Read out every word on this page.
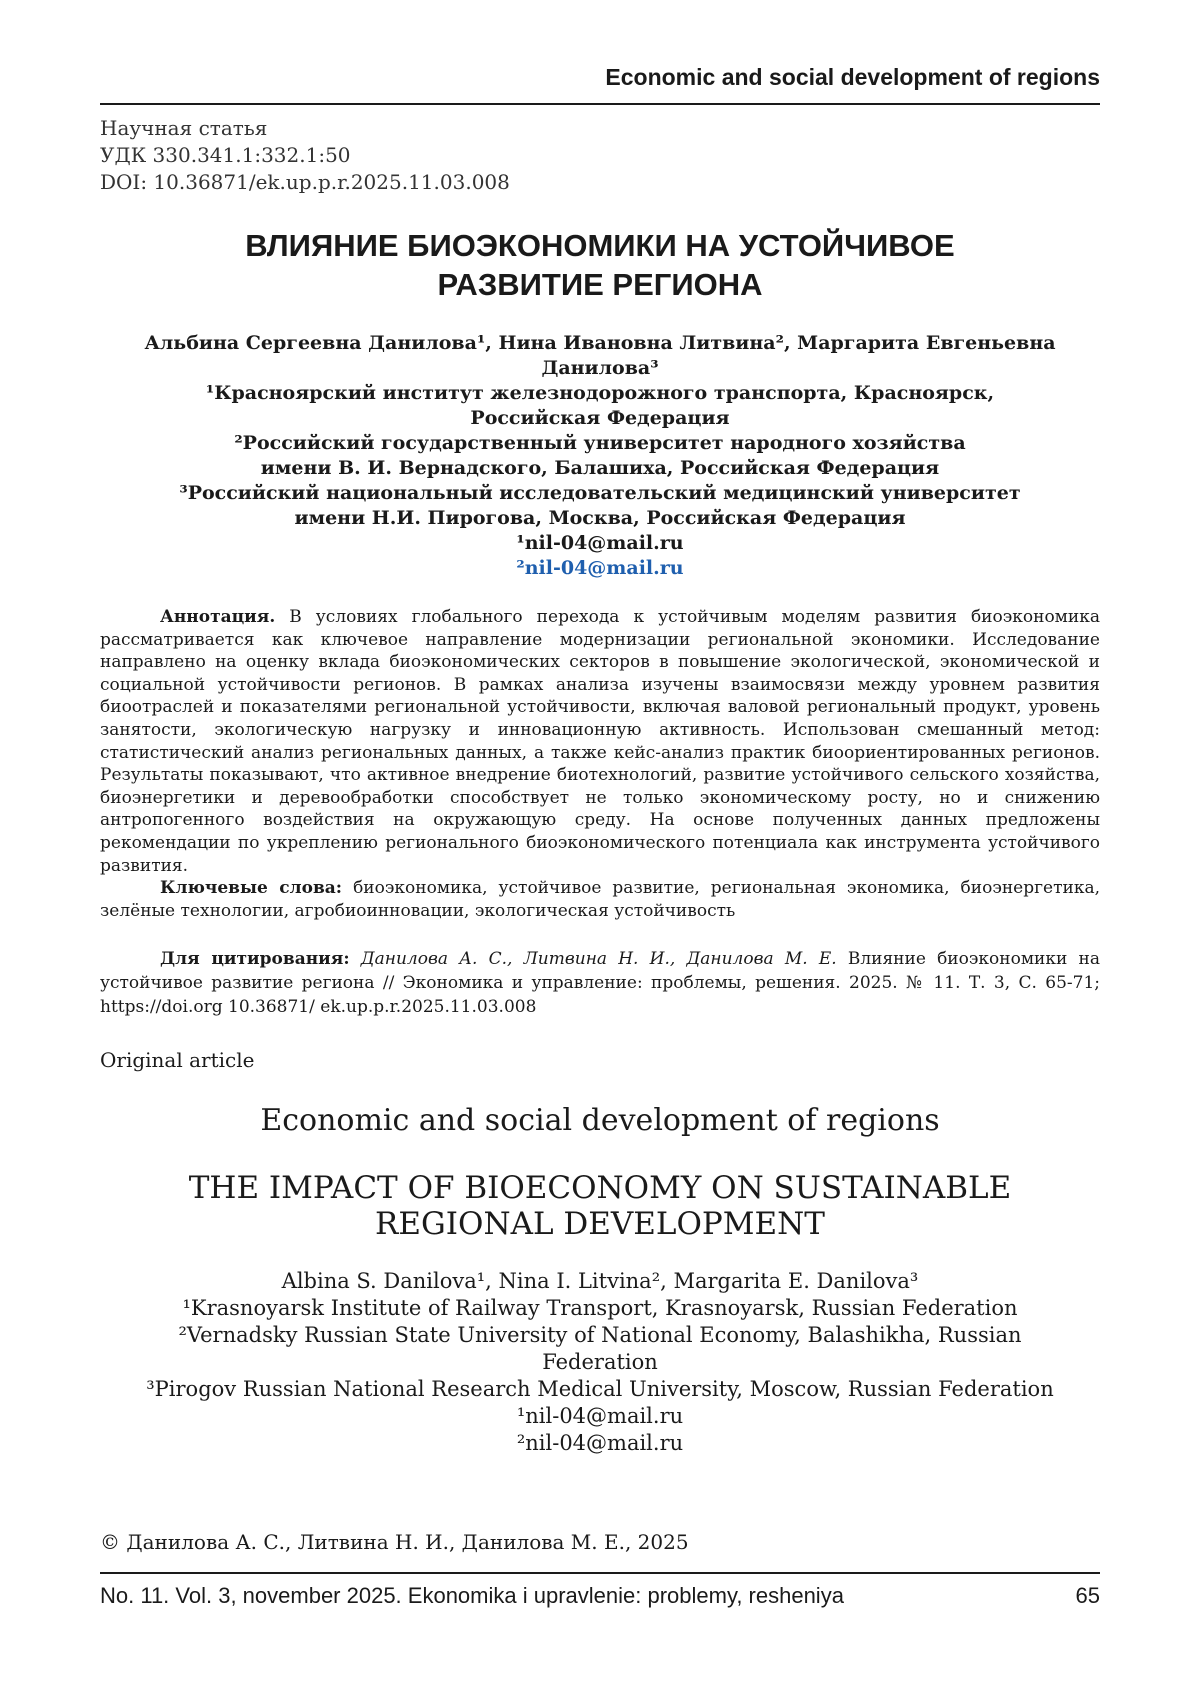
Economic and social development of regions
Научная статья
УДК 330.341.1:332.1:50
DOI: 10.36871/ek.up.p.r.2025.11.03.008
ВЛИЯНИЕ БИОЭКОНОМИКИ НА УСТОЙЧИВОЕ
РАЗВИТИЕ РЕГИОНА
Альбина Сергеевна Данилова¹, Нина Ивановна Литвина², Маргарита Евгеньевна
Данилова³
¹Красноярский институт железнодорожного транспорта, Красноярск,
Российская Федерация
²Российский государственный университет народного хозяйства
имени В. И. Вернадского, Балашиха, Российская Федерация
³Российский национальный исследовательский медицинский университет
имени Н.И. Пирогова, Москва, Российская Федерация
¹nil-04@mail.ru
²nil-04@mail.ru

Аннотация. В условиях глобального перехода к устойчивым моделям развития биоэкономика рассматривается как ключевое направление модернизации региональной экономики. Исследование направлено на оценку вклада биоэкономических секторов в повышение экологической, экономической и социальной устойчивости регионов. В рамках анализа изучены взаимосвязи между уровнем развития биоотраслей и показателями региональной устойчивости, включая валовой региональный продукт, уровень занятости, экологическую нагрузку и инновационную активность. Использован смешанный метод: статистический анализ региональных данных, а также кейс-анализ практик биоориентированных регионов. Результаты показывают, что активное внедрение биотехнологий, развитие устойчивого сельского хозяйства, биоэнергетики и деревообработки способствует не только экономическому росту, но и снижению антропогенного воздействия на окружающую среду. На основе полученных данных предложены рекомендации по укреплению регионального биоэкономического потенциала как инструмента устойчивого развития.

Ключевые слова: биоэкономика, устойчивое развитие, региональная экономика, биоэнергетика, зелёные технологии, агробиоинновации, экологическая устойчивость

Для цитирования: Данилова А. С., Литвина Н. И., Данилова М. Е. Влияние биоэкономики на устойчивое развитие региона // Экономика и управление: проблемы, решения. 2025. № 11. Т. 3, С. 65-71; https://doi.org 10.36871/ ek.up.p.r.2025.11.03.008

Original article
Economic and social development of regions
THE IMPACT OF BIOECONOMY ON SUSTAINABLE
REGIONAL DEVELOPMENT
Albina S. Danilova¹, Nina I. Litvina², Margarita E. Danilova³
¹Krasnoyarsk Institute of Railway Transport, Krasnoyarsk, Russian Federation
²Vernadsky Russian State University of National Economy, Balashikha, Russian
Federation
³Pirogov Russian National Research Medical University, Moscow, Russian Federation
¹nil-04@mail.ru
²nil-04@mail.ru
© Данилова А. С., Литвина Н. И., Данилова М. Е., 2025
No. 11. Vol. 3, november 2025. Ekonomika i upravlenie: problemy, resheniya	65
